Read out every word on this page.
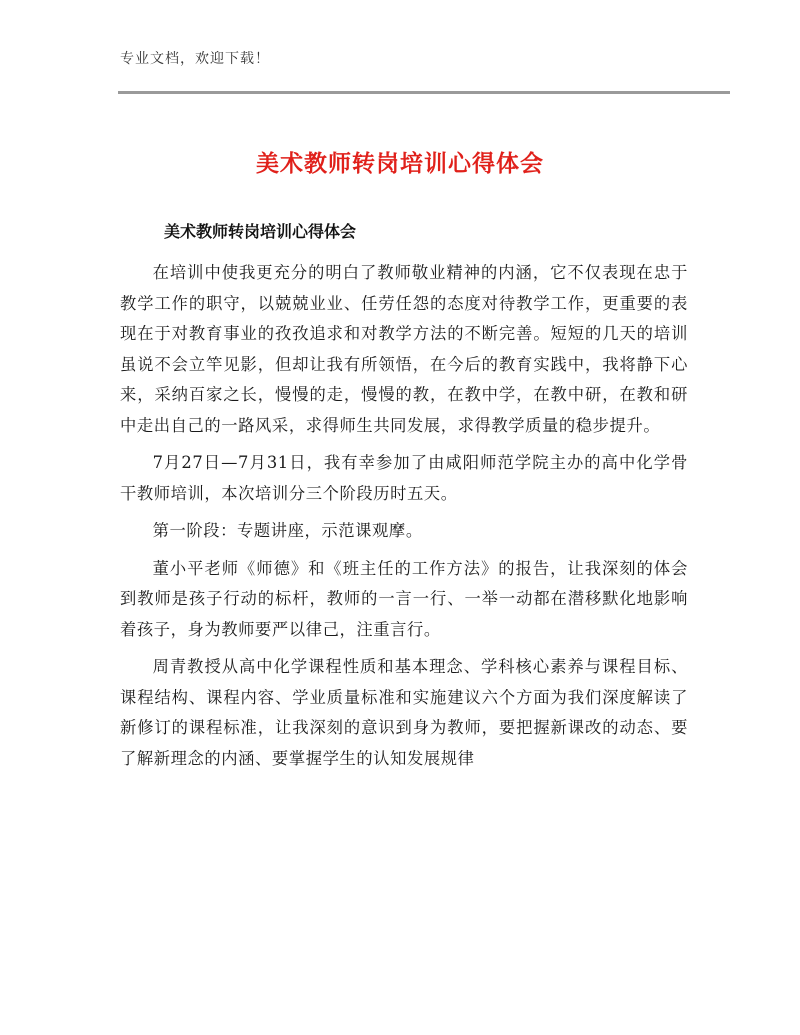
专业文档，欢迎下载！
美术教师转岗培训心得体会
美术教师转岗培训心得体会

在培训中使我更充分的明白了教师敬业精神的内涵，它不仅表现在忠于教学工作的职守，以兢兢业业、任劳任怨的态度对待教学工作，更重要的表现在于对教育事业的孜孜追求和对教学方法的不断完善。短短的几天的培训虽说不会立竿见影，但却让我有所领悟，在今后的教育实践中，我将静下心来，采纳百家之长，慢慢的走，慢慢的教，在教中学，在教中研，在教和研中走出自己的一路风采，求得师生共同发展，求得教学质量的稳步提升。

7月27日—7月31日，我有幸参加了由咸阳师范学院主办的高中化学骨干教师培训，本次培训分三个阶段历时五天。

第一阶段：专题讲座，示范课观摩。

董小平老师《师德》和《班主任的工作方法》的报告，让我深刻的体会到教师是孩子行动的标杆，教师的一言一行、一举一动都在潜移默化地影响着孩子，身为教师要严以律己，注重言行。

周青教授从高中化学课程性质和基本理念、学科核心素养与课程目标、课程结构、课程内容、学业质量标准和实施建议六个方面为我们深度解读了新修订的课程标准，让我深刻的意识到身为教师，要把握新课改的动态、要了解新理念的内涵、要掌握学生的认知发展规律
